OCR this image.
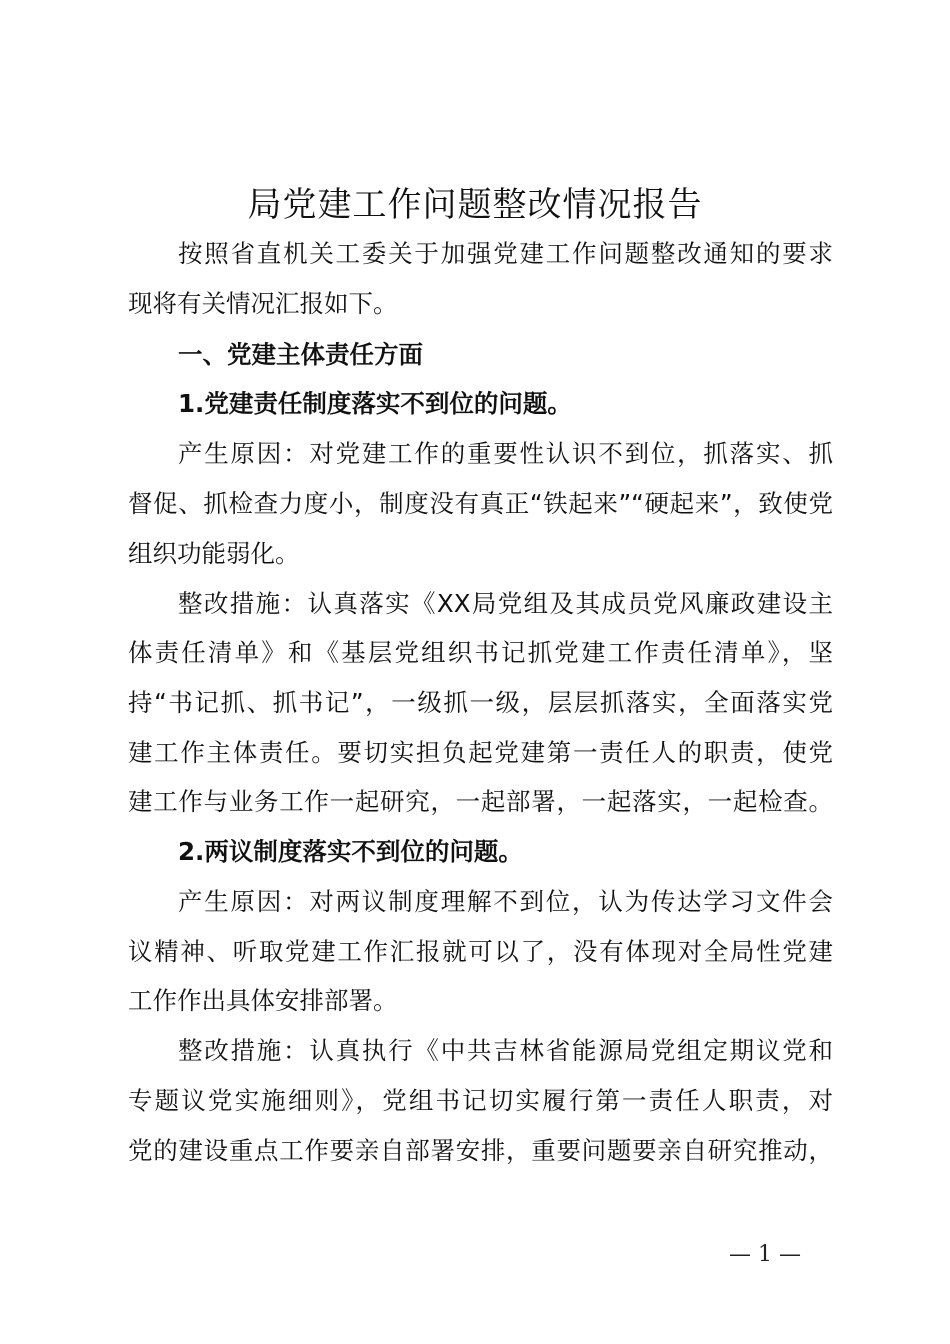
局党建工作问题整改情况报告
按照省直机关工委关于加强党建工作问题整改通知的要求
现将有关情况汇报如下。
一、党建主体责任方面
1.党建责任制度落实不到位的问题。
产生原因：对党建工作的重要性认识不到位，抓落实、抓
督促、抓检查力度小，制度没有真正“铁起来”“硬起来”，致使党
组织功能弱化。
整改措施：认真落实《XX局党组及其成员党风廉政建设主
体责任清单》和《基层党组织书记抓党建工作责任清单》，坚
持“书记抓、抓书记”，一级抓一级，层层抓落实，全面落实党
建工作主体责任。要切实担负起党建第一责任人的职责，使党
建工作与业务工作一起研究，一起部署，一起落实，一起检查。
2.两议制度落实不到位的问题。
产生原因：对两议制度理解不到位，认为传达学习文件会
议精神、听取党建工作汇报就可以了，没有体现对全局性党建
工作作出具体安排部署。
整改措施：认真执行《中共吉林省能源局党组定期议党和
专题议党实施细则》，党组书记切实履行第一责任人职责，对
党的建设重点工作要亲自部署安排，重要问题要亲自研究推动，
— 1 —
